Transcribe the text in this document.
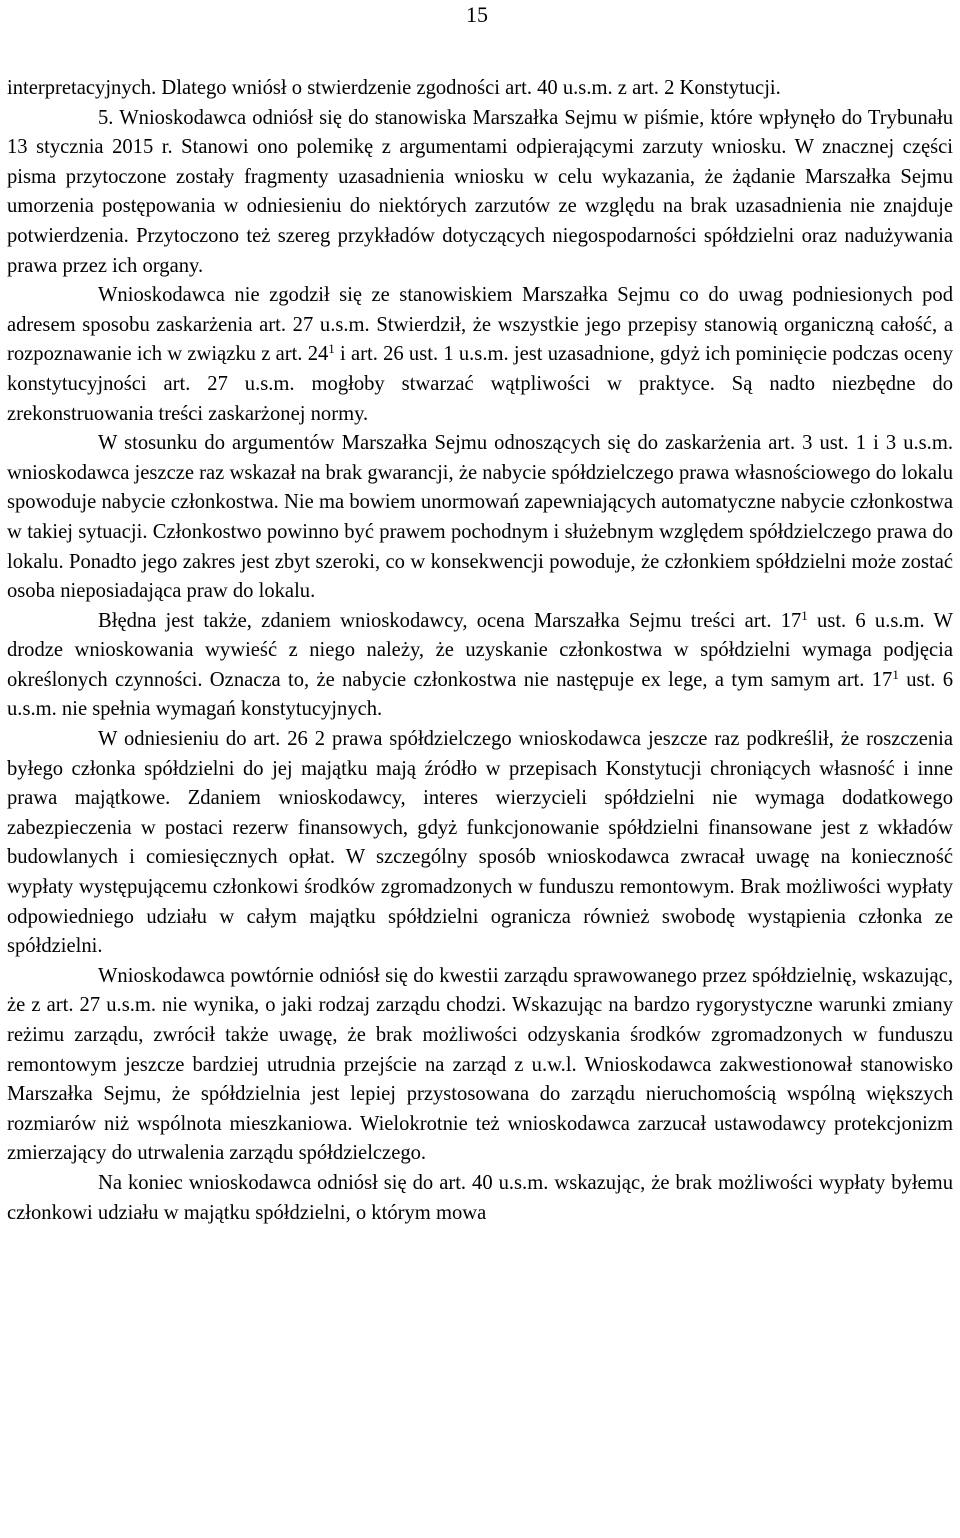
15

interpretacyjnych. Dlatego wniósł o stwierdzenie zgodności art. 40 u.s.m. z art. 2 Konstytucji.

5. Wnioskodawca odniósł się do stanowiska Marszałka Sejmu w piśmie, które wpłynęło do Trybunału 13 stycznia 2015 r. Stanowi ono polemikę z argumentami odpierającymi zarzuty wniosku. W znacznej części pisma przytoczone zostały fragmenty uzasadnienia wniosku w celu wykazania, że żądanie Marszałka Sejmu umorzenia postępowania w odniesieniu do niektórych zarzutów ze względu na brak uzasadnienia nie znajduje potwierdzenia. Przytoczono też szereg przykładów dotyczących niegospodarności spółdzielni oraz nadużywania prawa przez ich organy.

Wnioskodawca nie zgodził się ze stanowiskiem Marszałka Sejmu co do uwag podniesionych pod adresem sposobu zaskarżenia art. 27 u.s.m. Stwierdził, że wszystkie jego przepisy stanowią organiczną całość, a rozpoznawanie ich w związku z art. $24^1$ i art. 26 ust. 1 u.s.m. jest uzasadnione, gdyż ich pominięcie podczas oceny konstytucyjności art. 27 u.s.m. mogłoby stwarzać wątpliwości w praktyce. Są nadto niezbędne do zrekonstruowania treści zaskarżonej normy.

W stosunku do argumentów Marszałka Sejmu odnoszących się do zaskarżenia art. 3 ust. 1 i 3 u.s.m. wnioskodawca jeszcze raz wskazał na brak gwarancji, że nabycie spółdzielczego prawa własnościowego do lokalu spowoduje nabycie członkostwa. Nie ma bowiem unormowań zapewniających automatyczne nabycie członkostwa w takiej sytuacji. Członkostwo powinno być prawem pochodnym i służebnym względem spółdzielczego prawa do lokalu. Ponadto jego zakres jest zbyt szeroki, co w konsekwencji powoduje, że członkiem spółdzielni może zostać osoba nieposiadająca praw do lokalu.

Błędna jest także, zdaniem wnioskodawcy, ocena Marszałka Sejmu treści art. $17^1$ ust. 6 u.s.m. W drodze wnioskowania wywieść z niego należy, że uzyskanie członkostwa w spółdzielni wymaga podjęcia określonych czynności. Oznacza to, że nabycie członkostwa nie następuje ex lege, a tym samym art. $17^1$ ust. 6 u.s.m. nie spełnia wymagań konstytucyjnych.

W odniesieniu do art. 26 2 prawa spółdzielczego wnioskodawca jeszcze raz podkreślił, że roszczenia byłego członka spółdzielni do jej majątku mają źródło w przepisach Konstytucji chroniących własność i inne prawa majątkowe. Zdaniem wnioskodawcy, interes wierzycieli spółdzielni nie wymaga dodatkowego zabezpieczenia w postaci rezerw finansowych, gdyż funkcjonowanie spółdzielni finansowane jest z wkładów budowlanych i comiesięcznych opłat. W szczególny sposób wnioskodawca zwracał uwagę na konieczność wypłaty występującemu członkowi środków zgromadzonych w funduszu remontowym. Brak możliwości wypłaty odpowiedniego udziału w całym majątku spółdzielni ogranicza również swobodę wystąpienia członka ze spółdzielni.

Wnioskodawca powtórnie odniósł się do kwestii zarządu sprawowanego przez spółdzielnię, wskazując, że z art. 27 u.s.m. nie wynika, o jaki rodzaj zarządu chodzi. Wskazując na bardzo rygorystyczne warunki zmiany reżimu zarządu, zwrócił także uwagę, że brak możliwości odzyskania środków zgromadzonych w funduszu remontowym jeszcze bardziej utrudnia przejście na zarząd z u.w.l. Wnioskodawca zakwestionował stanowisko Marszałka Sejmu, że spółdzielnia jest lepiej przystosowana do zarządu nieruchomością wspólną większych rozmiarów niż wspólnota mieszkaniowa. Wielokrotnie też wnioskodawca zarzucał ustawodawcy protekcjonizm zmierzający do utrwalenia zarządu spółdzielczego.

Na koniec wnioskodawca odniósł się do art. 40 u.s.m. wskazując, że brak możliwości wypłaty byłemu członkowi udziału w majątku spółdzielni, o którym mowa
